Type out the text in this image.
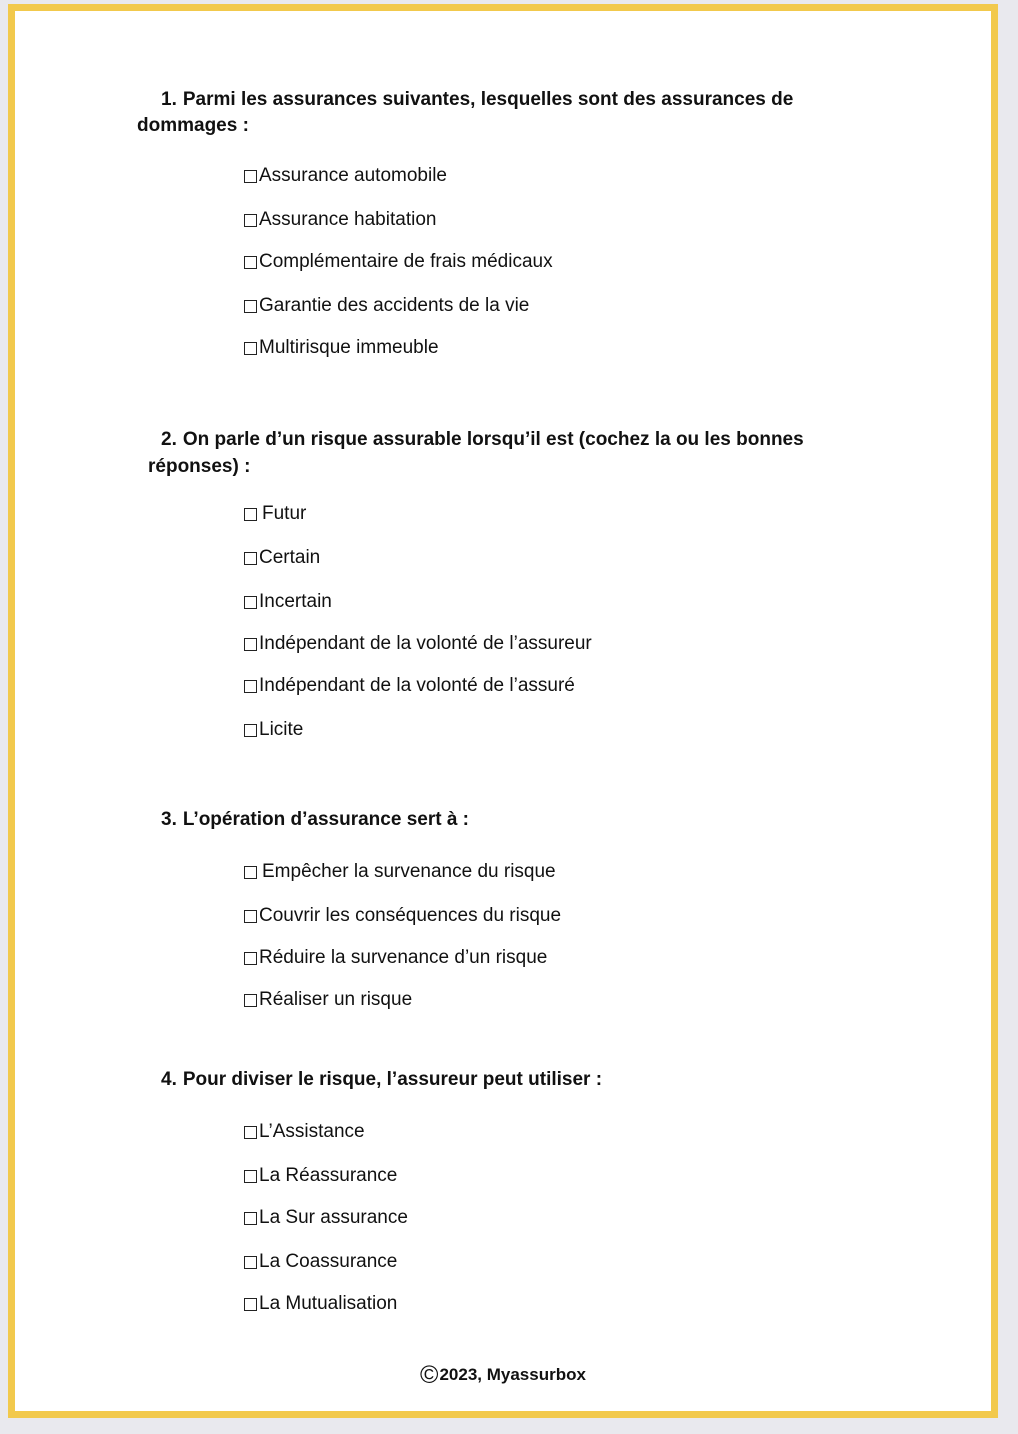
1. Parmi les assurances suivantes, lesquelles sont des assurances de

dommages :

Assurance automobile
Assurance habitation
Complémentaire de frais médicaux
Garantie des accidents de la vie
Multirisque immeuble

2. On parle d’un risque assurable lorsqu’il est (cochez la ou les bonnes

réponses) :

Futur
Certain
Incertain
Indépendant de la volonté de l’assureur
Indépendant de la volonté de l’assuré
Licite

3. L’opération d’assurance sert à :

Empêcher la survenance du risque
Couvrir les conséquences du risque
Réduire la survenance d’un risque
Réaliser un risque

4. Pour diviser le risque, l’assureur peut utiliser :

L’Assistance
La Réassurance
La Sur assurance
La Coassurance
La Mutualisation
©2023, Myassurbox
